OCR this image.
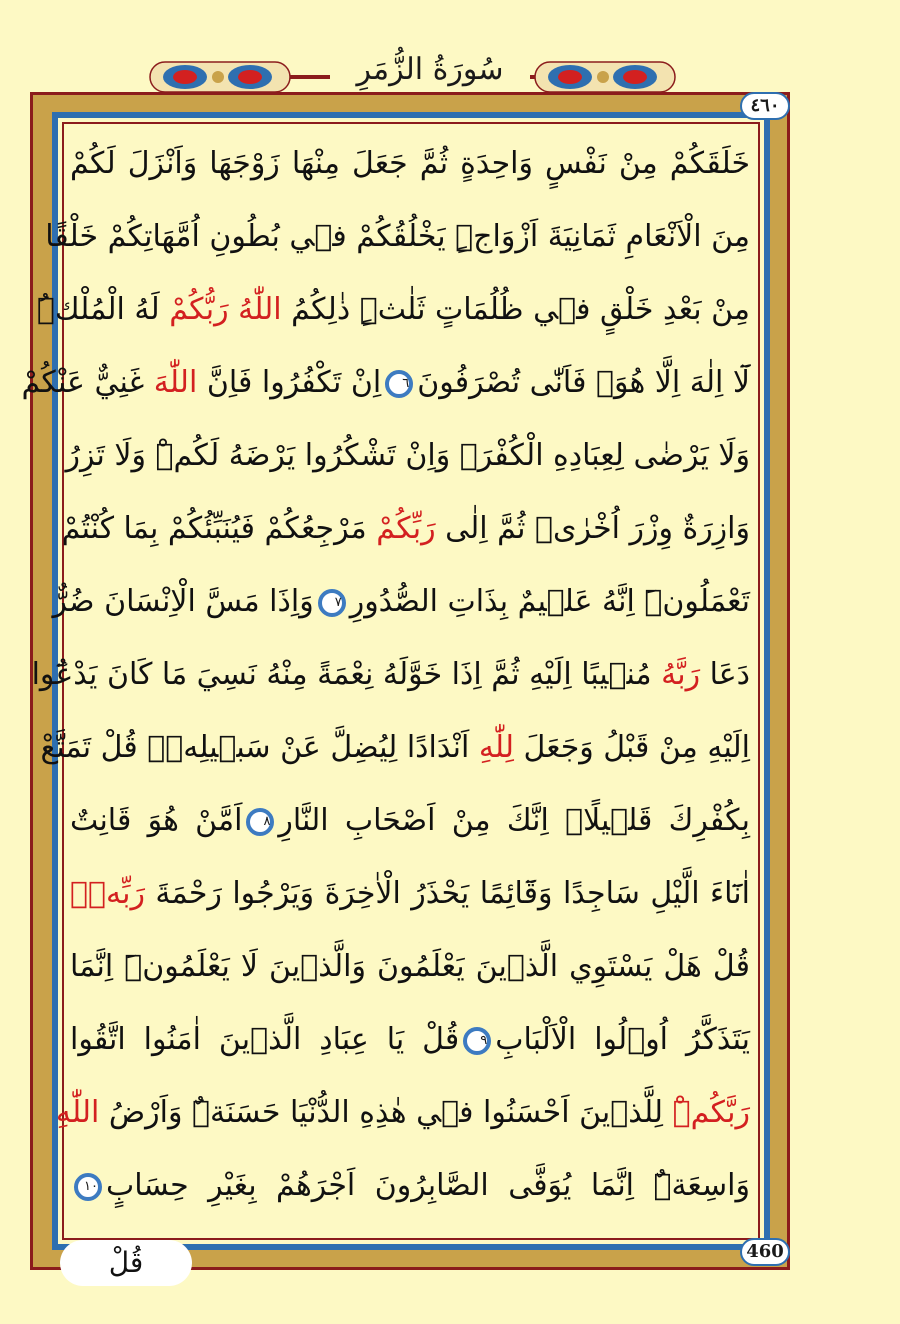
سُورَةُ الزُّمَرِ
٤٦٠
خَلَقَكُمْ مِنْ نَفْسٍ وَاحِدَةٍ ثُمَّ جَعَلَ مِنْهَا زَوْجَهَا وَاَنْزَلَ لَكُمْ
مِنَ الْاَنْعَامِ ثَمَانِيَةَ اَزْوَاجٍۜ يَخْلُقُكُمْ ف۪ي بُطُونِ اُمَّهَاتِكُمْ خَلْقًا
مِنْ بَعْدِ خَلْقٍ ف۪ي ظُلُمَاتٍ ثَلٰثٍۜ ذٰلِكُمُ اللّٰهُ رَبُّكُمْ لَهُ الْمُلْكُۜ
لَٓا اِلٰهَ اِلَّا هُوَۚ فَاَنّٰى تُصْرَفُونَ٦اِنْ تَكْفُرُوا فَاِنَّ اللّٰهَ غَنِيٌّ عَنْكُمْ
وَلَا يَرْضٰى لِعِبَادِهِ الْكُفْرَۚ وَاِنْ تَشْكُرُوا يَرْضَهُ لَكُمْۜ وَلَا تَزِرُ
وَازِرَةٌ وِزْرَ اُخْرٰىۜ ثُمَّ اِلٰى رَبِّكُمْ مَرْجِعُكُمْ فَيُنَبِّئُكُمْ بِمَا كُنْتُمْ
تَعْمَلُونَۜ اِنَّهُ عَل۪يمٌ بِذَاتِ الصُّدُورِ٧وَاِذَا مَسَّ الْاِنْسَانَ ضُرٌّ
دَعَا رَبَّهُ مُن۪يبًا اِلَيْهِ ثُمَّ اِذَا خَوَّلَهُ نِعْمَةً مِنْهُ نَسِيَ مَا كَانَ يَدْعُٓوا
اِلَيْهِ مِنْ قَبْلُ وَجَعَلَ لِلّٰهِ اَنْدَادًا لِيُضِلَّ عَنْ سَب۪يلِه۪ۜ قُلْ تَمَتَّعْ
بِكُفْرِكَ قَل۪يلًاۗ اِنَّكَ مِنْ اَصْحَابِ النَّارِ٨اَمَّنْ هُوَ قَانِتٌ
اٰنَٓاءَ الَّيْلِ سَاجِدًا وَقَٓائِمًا يَحْذَرُ الْاٰخِرَةَ وَيَرْجُوا رَحْمَةَ رَبِّه۪ۜ
قُلْ هَلْ يَسْتَوِي الَّذ۪ينَ يَعْلَمُونَ وَالَّذ۪ينَ لَا يَعْلَمُونَۜ اِنَّمَا
يَتَذَكَّرُ اُو۬لُوا الْاَلْبَابِ٩قُلْ يَا عِبَادِ الَّذ۪ينَ اٰمَنُوا اتَّقُوا
رَبَّكُمْۜ لِلَّذ۪ينَ اَحْسَنُوا ف۪ي هٰذِهِ الدُّنْيَا حَسَنَةٌۜ وَاَرْضُ اللّٰهِ
وَاسِعَةٌۜ اِنَّمَا يُوَفَّى الصَّابِرُونَ اَجْرَهُمْ بِغَيْرِ حِسَابٍ١٠
460
قُلْ
